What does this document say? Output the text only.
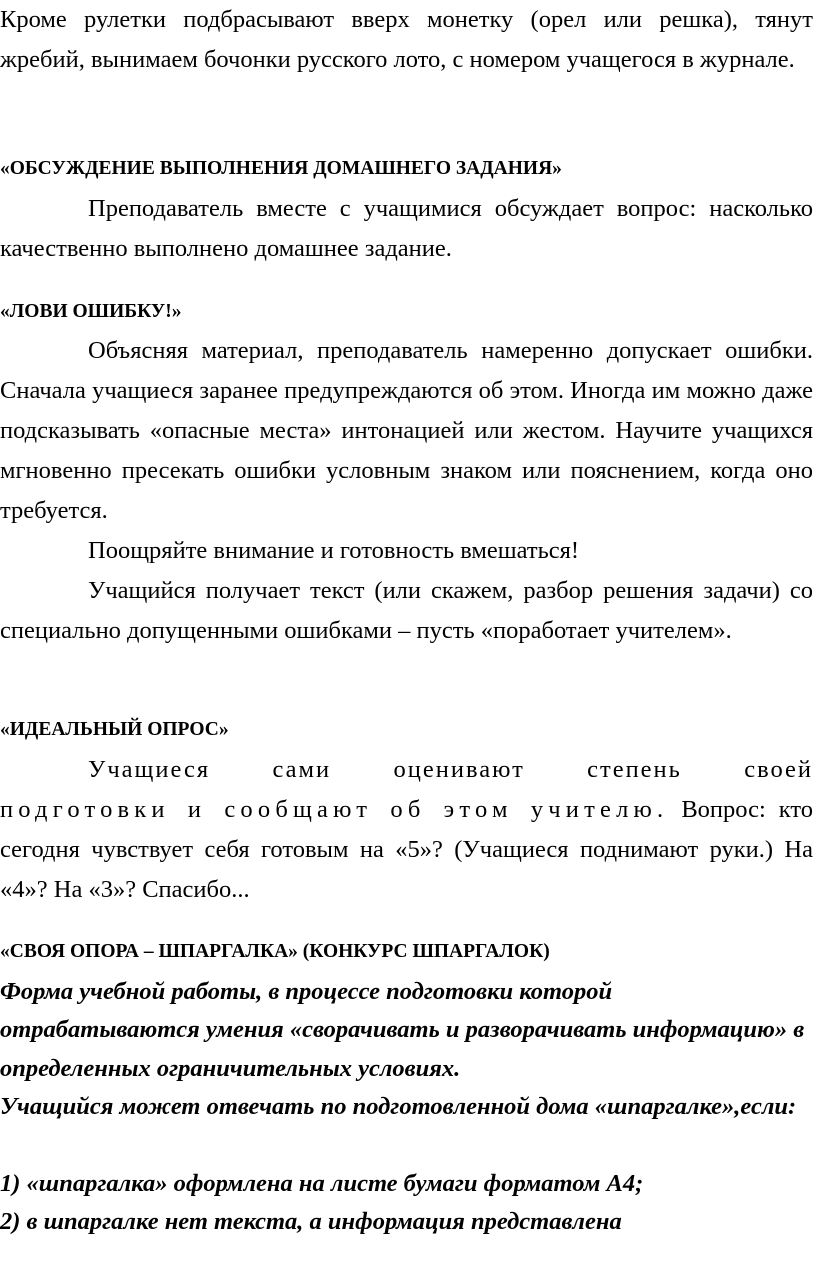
Кроме рулетки подбрасывают вверх монетку (орел или решка), тянут жребий, вынимаем бочонки русского лото, с номером учащегося в журнале.

«ОБСУЖДЕНИЕ ВЫПОЛНЕНИЯ ДОМАШНЕГО ЗАДАНИЯ»

Преподаватель вместе с учащимися обсуждает вопрос: насколько качественно выполнено домашнее задание.

«ЛОВИ ОШИБКУ!»

Объясняя материал, преподаватель намеренно допускает ошибки. Сначала учащиеся заранее предупреждаются об этом. Иногда им можно даже подсказывать «опасные места» интонацией или жестом. Научите учащихся мгновенно пресекать ошибки условным знаком или пояснением, когда оно требуется.

Поощряйте внимание и готовность вмешаться!

Учащийся получает текст (или скажем, разбор решения задачи) со специально допущенными ошибками – пусть «поработает учителем».

«ИДЕАЛЬНЫЙ ОПРОС»
Учащиеся сами оценивают степень своей

подготовки и сообщают об этом учителю. Вопрос: кто сегодня чувствует себя готовым на «5»? (Учащиеся поднимают руки.) На «4»? На «3»? Спасибо...

«СВОЯ ОПОРА – ШПАРГАЛКА» (КОНКУРС ШПАРГАЛОК)

Форма учебной работы, в процессе подготовки которой отрабатываются умения «сворачивать и разворачивать информацию» в определенных ограничительных условиях.

Учащийся может отвечать по подготовленной дома «шпаргалке»,если:

1) «шпаргалка» оформлена на листе бумаги форматом А4;

2) в шпаргалке нет текста, а информация представлена
